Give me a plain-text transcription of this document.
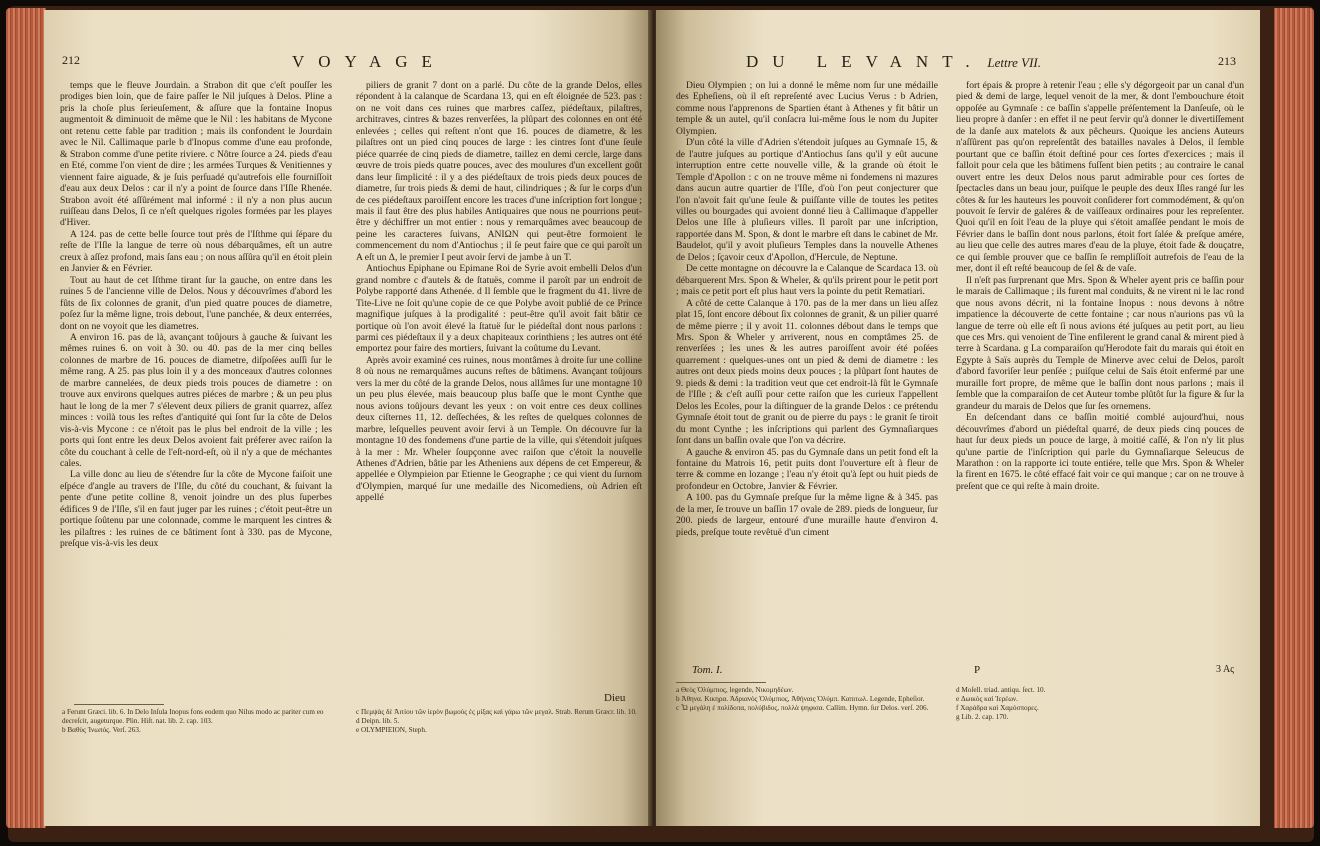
212	VOYAGE

temps que le fleuve Jourdain. a Strabon dit que c'eſt pouſſer les prodiges bien loin, que de faire paſſer le Nil juſques à Delos. Pline a pris la choſe plus ſerieuſement, & aſſure que la fontaine Inopus augmentoit & diminuoit de même que le Nil : les habitans de Mycone ont retenu cette fable par tradition ; mais ils confondent le Jourdain avec le Nil. Callimaque parle b d'Inopus comme d'une eau profonde, & Strabon comme d'une petite riviere. c Nôtre ſource a 24. pieds d'eau en Eté, comme l'on vient de dire ; les armées Turques & Venitiennes y viennent faire aiguade, & je ſuis perſuadé qu'autrefois elle fourniſſoit d'eau aux deux Delos : car il n'y a point de ſource dans l'Iſle Rhenée. Strabon avoit été aſſûrément mal informé : il n'y a non plus aucun ruiſſeau dans Delos, ſi ce n'eſt quelques rigoles formées par les playes d'Hiver.

A 124. pas de cette belle ſource tout près de l'Iſthme qui ſépare du reſte de l'Iſle la langue de terre où nous débarquâmes, eſt un autre creux à aſſez profond, mais ſans eau ; on nous aſſûra qu'il en étoit plein en Janvier & en Février.

Tout au haut de cet Iſthme tirant ſur la gauche, on entre dans les ruines 5 de l'ancienne ville de Delos. Nous y découvrîmes d'abord les fûts de ſix colonnes de granit, d'un pied quatre pouces de diametre, poſez ſur la même ligne, trois debout, l'une panchée, & deux enterrées, dont on ne voyoit que les diametres.

A environ 16. pas de là, avançant toûjours à gauche & ſuivant les mêmes ruines 6. on voit à 30. ou 40. pas de la mer cinq belles colonnes de marbre de 16. pouces de diametre, diſpoſées auſſi ſur le même rang. A 25. pas plus loin il y a des monceaux d'autres colonnes de marbre cannelées, de deux pieds trois pouces de diametre : on trouve aux environs quelques autres piéces de marbre ; & un peu plus haut le long de la mer 7 s'élevent deux piliers de granit quarrez, aſſez minces : voilà tous les reſtes d'antiquité qui ſont ſur la côte de Delos vis-à-vis Mycone : ce n'étoit pas le plus bel endroit de la ville ; les ports qui ſont entre les deux Delos avoient fait préferer avec raiſon la côte du couchant à celle de l'eſt-nord-eſt, où il n'y a que de méchantes cales.

La ville donc au lieu de s'étendre ſur la côte de Mycone faiſoit une eſpéce d'angle au travers de l'Iſle, du côté du couchant, & ſuivant la pente d'une petite colline 8, venoit joindre un des plus ſuperbes édifices 9 de l'Iſle, s'il en faut juger par les ruines ; c'étoit peut-être un portique ſoûtenu par une colonnade, comme le marquent les cintres & les pilaſtres : les ruines de ce bâtiment ſont à 330. pas de Mycone, preſque vis-à-vis les deux

piliers de granit 7 dont on a parlé. Du côte de la grande Delos, elles répondent à la calanque de Scardana 13, qui en eſt éloignée de 523. pas : on ne voit dans ces ruines que marbres caſſez, piédeſtaux, pilaſtres, architraves, cintres & bazes renverſées, la plûpart des colonnes en ont été enlevées ; celles qui reſtent n'ont que 16. pouces de diametre, & les pilaſtres ont un pied cinq pouces de large : les cintres ſont d'une ſeule piéce quarrée de cinq pieds de diametre, taillez en demi cercle, large dans œuvre de trois pieds quatre pouces, avec des moulures d'un excellent goût dans leur ſimplicité : il y a des piédeſtaux de trois pieds deux pouces de diametre, ſur trois pieds & demi de haut, cilindriques ; & ſur le corps d'un de ces piédeſtaux paroiſſent encore les traces d'une inſcription fort longue ; mais il faut être des plus habiles Antiquaires que nous ne pourrions peut-être y déchiffrer un mot entier : nous y remarquâmes avec beaucoup de peine les caracteres ſuivans, ANIΩN qui peut-être formoient le commencement du nom d'Antiochus ; il ſe peut faire que ce qui paroît un A eſt un Δ, le premier I peut avoir ſervi de jambe à un Τ.

Antiochus Epiphane ou Epimane Roi de Syrie avoit embelli Delos d'un grand nombre c d'autels & de ſtatuës, comme il paroît par un endroit de Polybe rapporté dans Athenée. d Il ſemble que le fragment du 41. livre de Tite-Live ne ſoit qu'une copie de ce que Polybe avoit publié de ce Prince magnifique juſques à la prodigalité : peut-être qu'il avoit fait bâtir ce portique où l'on avoit élevé la ſtatuë ſur le piédeſtal dont nous parlons : parmi ces piédeſtaux il y a deux chapiteaux corinthiens ; les autres ont été emportez pour faire des mortiers, ſuivant la coûtume du Levant.

Après avoir examiné ces ruines, nous montâmes à droite ſur une colline 8 où nous ne remarquâmes aucuns reſtes de bâtimens. Avançant toûjours vers la mer du côté de la grande Delos, nous allâmes ſur une montagne 10 un peu plus élevée, mais beaucoup plus baſſe que le mont Cynthe que nous avions toûjours devant les yeux : on voit entre ces deux collines deux ciſternes 11, 12. deſſechées, & les reſtes de quelques colonnes de marbre, leſquelles peuvent avoir ſervi à un Temple. On découvre ſur la montagne 10 des fondemens d'une partie de la ville, qui s'étendoit juſques à la mer : Mr. Wheler ſoupçonne avec raiſon que c'étoit la nouvelle Athenes d'Adrien, bâtie par les Atheniens aux dépens de cet Empereur, & appellée e Olympieion par Etienne le Geographe ; ce qui vient du ſurnom d'Olympien, marqué ſur une medaille des Nicomediens, où Adrien eſt appellé

a Ferunt Græci. lib. 6. In Delo Inſula Inopus fons eodem quo Nilus modo ac pariter cum eo decreſcit, augeturque. Plin. Hiſt. nat. lib. 2. cap. 103.
b Βαθὺς Ἰνωπός. Verſ. 263.
c Πεμψὰς δὲ Ἀιτίου τῶν ἱερὸν βωμοὺς ἐς μίξας καὶ γάρω τῶν μεγαλ. Strab. Rerum Græcr. lib. 10.
d Deipn. lib. 5.
e OLYMPIEION, Steph.
Dieu
DU LEVANT. Lettre VII.	213

Dieu Olympien ; on lui a donné le même nom ſur une médaille des Epheſiens, où il eſt repreſenté avec Lucius Verus : b Adrien, comme nous l'apprenons de Spartien étant à Athenes y fit bâtir un temple & un autel, qu'il conſacra lui-même ſous le nom du Jupiter Olympien.

D'un côté la ville d'Adrien s'étendoit juſques au Gymnaſe 15, & de l'autre juſques au portique d'Antiochus ſans qu'il y eût aucune interruption entre cette nouvelle ville, & la grande où étoit le Temple d'Apollon : c on ne trouve même ni fondemens ni mazures dans aucun autre quartier de l'Iſle, d'où l'on peut conjecturer que l'on n'avoit fait qu'une ſeule & puiſſante ville de toutes les petites villes ou bourgades qui avoient donné lieu à Callimaque d'appeller Delos une Iſle à pluſieurs villes. Il paroît par une inſcription, rapportée dans M. Spon, & dont le marbre eſt dans le cabinet de Mr. Baudelot, qu'il y avoit pluſieurs Temples dans la nouvelle Athenes de Delos ; ſçavoir ceux d'Apollon, d'Hercule, de Neptune.

De cette montagne on découvre la e Calanque de Scardaca 13. où débarquerent Mrs. Spon & Wheler, & qu'ils prirent pour le petit port ; mais ce petit port eſt plus haut vers la pointe du petit Rematiari.

A côté de cette Calanque à 170. pas de la mer dans un lieu aſſez plat 15, ſont encore débout ſix colonnes de granit, & un pilier quarré de même pierre ; il y avoit 11. colonnes débout dans le temps que Mrs. Spon & Wheler y arriverent, nous en comptâmes 25. de renverſées ; les unes & les autres paroiſſent avoir été poſées quarrement : quelques-unes ont un pied & demi de diametre : les autres ont deux pieds moins deux pouces ; la plûpart ſont hautes de 9. pieds & demi : la tradition veut que cet endroit-là fût le Gymnaſe de l'Iſle ; & c'eſt auſſi pour cette raiſon que les curieux l'appellent Delos les Ecoles, pour la diſtinguer de la grande Delos : ce prétendu Gymnaſe étoit tout de granit ou de pierre du pays : le granit ſe tiroit du mont Cynthe ; les inſcriptions qui parlent des Gymnaſiarques ſont dans un baſſin ovale que l'on va décrire.

A gauche & environ 45. pas du Gymnaſe dans un petit fond eſt la fontaine du Matrois 16, petit puits dont l'ouverture eſt à fleur de terre & comme en lozange ; l'eau n'y étoit qu'à ſept ou huit pieds de profondeur en Octobre, Janvier & Février.

A 100. pas du Gymnaſe preſque ſur la même ligne & à 345. pas de la mer, ſe trouve un baſſin 17 ovale de 289. pieds de longueur, ſur 200. pieds de largeur, entouré d'une muraille haute d'environ 4. pieds, preſque toute revêtuë d'un ciment

Tom. I.

fort épais & propre à retenir l'eau ; elle s'y dégorgeoit par un canal d'un pied & demi de large, lequel venoit de la mer, & dont l'embouchure étoit oppoſée au Gymnaſe : ce baſſin s'appelle préſentement la Danſeuſe, où le lieu propre à danſer : en effet il ne peut ſervir qu'à donner le divertiſſement de la danſe aux matelots & aux pêcheurs. Quoique les anciens Auteurs n'aſſûrent pas qu'on repreſentât des batailles navales à Delos, il ſemble pourtant que ce baſſin étoit deſtiné pour ces ſortes d'exercices ; mais il falloit pour cela que les bâtimens fuſſent bien petits ; au contraire le canal ouvert entre les deux Delos nous parut admirable pour ces ſortes de ſpectacles dans un beau jour, puiſque le peuple des deux Iſles rangé ſur les côtes & ſur les hauteurs les pouvoit conſiderer fort commodément, & qu'on pouvoit ſe ſervir de galéres & de vaiſſeaux ordinaires pour les repreſenter. Quoi qu'il en ſoit l'eau de la pluye qui s'étoit amaſſée pendant le mois de Février dans le baſſin dont nous parlons, étoit fort ſalée & preſque amére, au lieu que celle des autres mares d'eau de la pluye, étoit fade & douçatre, ce qui ſemble prouver que ce baſſin ſe rempliſſoit autrefois de l'eau de la mer, dont il eſt reſté beaucoup de ſel & de vaſe.

Il n'eſt pas ſurprenant que Mrs. Spon & Wheler ayent pris ce baſſin pour le marais de Callimaque ; ils furent mal conduits, & ne virent ni le lac rond que nous avons décrit, ni la fontaine Inopus : nous devons à nôtre impatience la découverte de cette fontaine ; car nous n'aurions pas vû la langue de terre où elle eſt ſi nous avions été juſques au petit port, au lieu que ces Mrs. qui venoient de Tine enfilerent le grand canal & mirent pied à terre à Scardana. g La comparaiſon qu'Herodote fait du marais qui étoit en Egypte à Saïs auprès du Temple de Minerve avec celui de Delos, paroît d'abord favoriſer leur penſée ; puiſque celui de Saïs étoit enfermé par une muraille fort propre, de même que le baſſin dont nous parlons ; mais il ſemble que la comparaiſon de cet Auteur tombe plûtôt ſur la figure & ſur la grandeur du marais de Delos que ſur ſes ornemens.

En deſcendant dans ce baſſin moitié comblé aujourd'hui, nous découvrîmes d'abord un piédeſtal quarré, de deux pieds cinq pouces de haut ſur deux pieds un pouce de large, à moitié caſſé, & l'on n'y lit plus qu'une partie de l'inſcription qui parle du Gymnaſiarque Seleucus de Marathon : on la rapporte ici toute entiére, telle que Mrs. Spon & Wheler la firent en 1675. le côté effacé fait voir ce qui manque ; car on ne trouve à preſent que ce qui reſte à main droite.

P	3 Aς
a Θεὸς Ὀλύμπιος, legende, Νικομηδέων.
b Ἀθηνα. Κικηρα. Ἀδριανὸς Ὀλύμπιος, Ἀθήναις Ὀλύμπ. Καπιτωλ. Legende, Epheſior.
c Ὦ μεγάλη ἐ πολίδοπα, πολύβιδος, πολλὰ ψηφισα. Callim. Hymn. ſur Delos. verſ. 206.
d Moſell. triad. antiqu. ſect. 10.
e Δωικὸς καὶ Ἱερέων.
f Χαράδρα καὶ Χαμόσπορες.
g Lib. 2. cap. 170.
